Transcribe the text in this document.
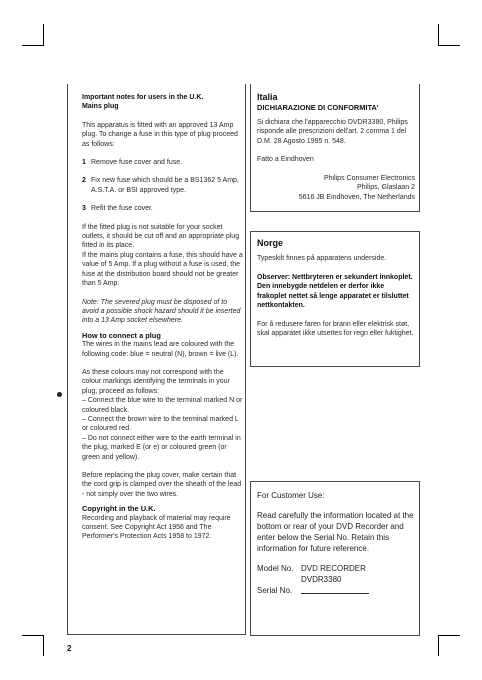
Important notes for users in the U.K.

Mains plug

This apparatus is fitted with an approved 13 Amp plug. To change a fuse in this type of plug proceed as follows:

1 Remove fuse cover and fuse.
2 Fix new fuse which should be a BS1362 5 Amp, A.S.T.A. or BSI approved type.
3 Refit the fuse cover.

If the fitted plug is not suitable for your socket outlets, it should be cut off and an appropriate plug fitted in its place.

If the mains plug contains a fuse, this should have a value of 5 Amp. If a plug without a fuse is used, the fuse at the distribution board should not be greater than 5 Amp.

Note: The severed plug must be disposed of to avoid a possible shock hazard should it be inserted into a 13 Amp socket elsewhere.

How to connect a plug

The wires in the mains lead are coloured with the following code: blue = neutral (N), brown = live (L).

As these colours may not correspond with the colour markings identifying the terminals in your plug, proceed as follows:

– Connect the blue wire to the terminal marked N or coloured black.

– Connect the brown wire to the terminal marked L or coloured red.

– Do not connect either wire to the earth terminal in the plug, marked E (or e) or coloured green (or green and yellow).

Before replacing the plug cover, make certain that the cord grip is clamped over the sheath of the lead - not simply over the two wires.

Copyright in the U.K.

Recording and playback of material may require consent. See Copyright Act 1956 and The Performer's Protection Acts 1958 to 1972.

Italia

DICHIARAZIONE DI CONFORMITA'

Si dichiara che l'apparecchio DVDR3380, Philips risponde alle prescrizioni dell'art. 2 comma 1 del D.M. 28 Agosto 1995 n. 548.

Fatto a Eindhoven

Philips Consumer Electronics

Philips, Glaslaan 2

5616 JB Eindhoven, The Netherlands

Norge

Typeskilt finnes på apparatens underside.

Observer: Nettbryteren er sekundert innkoplet. Den innebygde netdelen er derfor ikke frakoplet nettet så lenge apparatet er tilsluttet nettkontakten.

For å redusere faren for brann eller elektrisk støt, skal apparatet ikke utsettes for regn eller fuktighet.

For Customer Use:

Read carefully the information located at the bottom or rear of your DVD Recorder and enter below the Serial No. Retain this information for future reference.

Model No. DVD RECORDER
DVDR3380
Serial No.
2
